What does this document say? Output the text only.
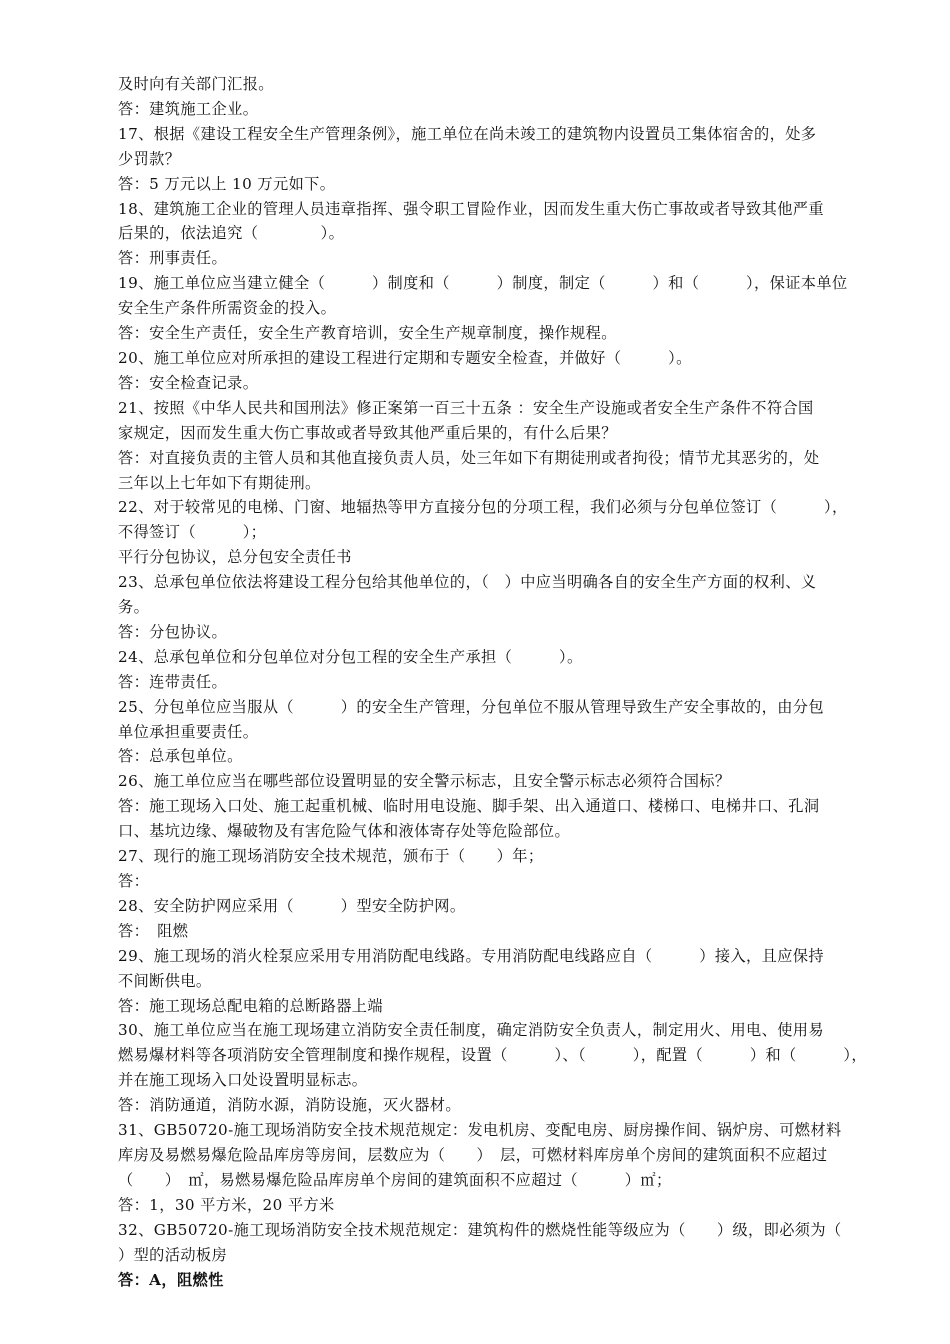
及时向有关部门汇报。
答：建筑施工企业。
17、根据《建设工程安全生产管理条例》，施工单位在尚未竣工的建筑物内设置员工集体宿舍的，处多
少罚款？
答：5 万元以上 10 万元如下。
18、建筑施工企业的管理人员违章指挥、强令职工冒险作业，因而发生重大伤亡事故或者导致其他严重
后果的，依法追究（　　　　）。
答：刑事责任。
19、施工单位应当建立健全（　　　）制度和（　　　）制度，制定（　　　）和（　　　），保证本单位
安全生产条件所需资金的投入。
答：安全生产责任，安全生产教育培训，安全生产规章制度，操作规程。
20、施工单位应对所承担的建设工程进行定期和专题安全检查，并做好（　　　）。
答：安全检查记录。
21、按照《中华人民共和国刑法》修正案第一百三十五条 ：安全生产设施或者安全生产条件不符合国
家规定，因而发生重大伤亡事故或者导致其他严重后果的，有什么后果？
答：对直接负责的主管人员和其他直接负责人员，处三年如下有期徒刑或者拘役；情节尤其恶劣的，处
三年以上七年如下有期徒刑。
22、对于较常见的电梯、门窗、地辐热等甲方直接分包的分项工程，我们必须与分包单位签订（　　　），
不得签订（　　　）；
平行分包协议，总分包安全责任书
23、总承包单位依法将建设工程分包给其他单位的，（　）中应当明确各自的安全生产方面的权利、义
务。
答：分包协议。
24、总承包单位和分包单位对分包工程的安全生产承担（　　　）。
答：连带责任。
25、分包单位应当服从（　　　）的安全生产管理，分包单位不服从管理导致生产安全事故的，由分包
单位承担重要责任。
答：总承包单位。
26、施工单位应当在哪些部位设置明显的安全警示标志，且安全警示标志必须符合国标？
答：施工现场入口处、施工起重机械、临时用电设施、脚手架、出入通道口、楼梯口、电梯井口、孔洞
口、基坑边缘、爆破物及有害危险气体和液体寄存处等危险部位。
27、现行的施工现场消防安全技术规范，颁布于（　　）年；
答：
28、安全防护网应采用（　　　）型安全防护网。
答：　阻燃
29、施工现场的消火栓泵应采用专用消防配电线路。专用消防配电线路应自（　　　）接入，且应保持
不间断供电。
答：施工现场总配电箱的总断路器上端
30、施工单位应当在施工现场建立消防安全责任制度，确定消防安全负责人，制定用火、用电、使用易
燃易爆材料等各项消防安全管理制度和操作规程，设置（　　　）、（　　　），配置（　　　）和（　　　），
并在施工现场入口处设置明显标志。
答：消防通道，消防水源，消防设施，灭火器材。
31、GB50720-施工现场消防安全技术规范规定：发电机房、变配电房、厨房操作间、锅炉房、可燃材料
库房及易燃易爆危险品库房等房间，层数应为（　　）　层，可燃材料库房单个房间的建筑面积不应超过
（　　）　㎡，易燃易爆危险品库房单个房间的建筑面积不应超过（　　　）㎡；
答：1，30 平方米，20 平方米
32、GB50720-施工现场消防安全技术规范规定：建筑构件的燃烧性能等级应为（　　）级，即必须为（
）型的活动板房
答：A，阻燃性
